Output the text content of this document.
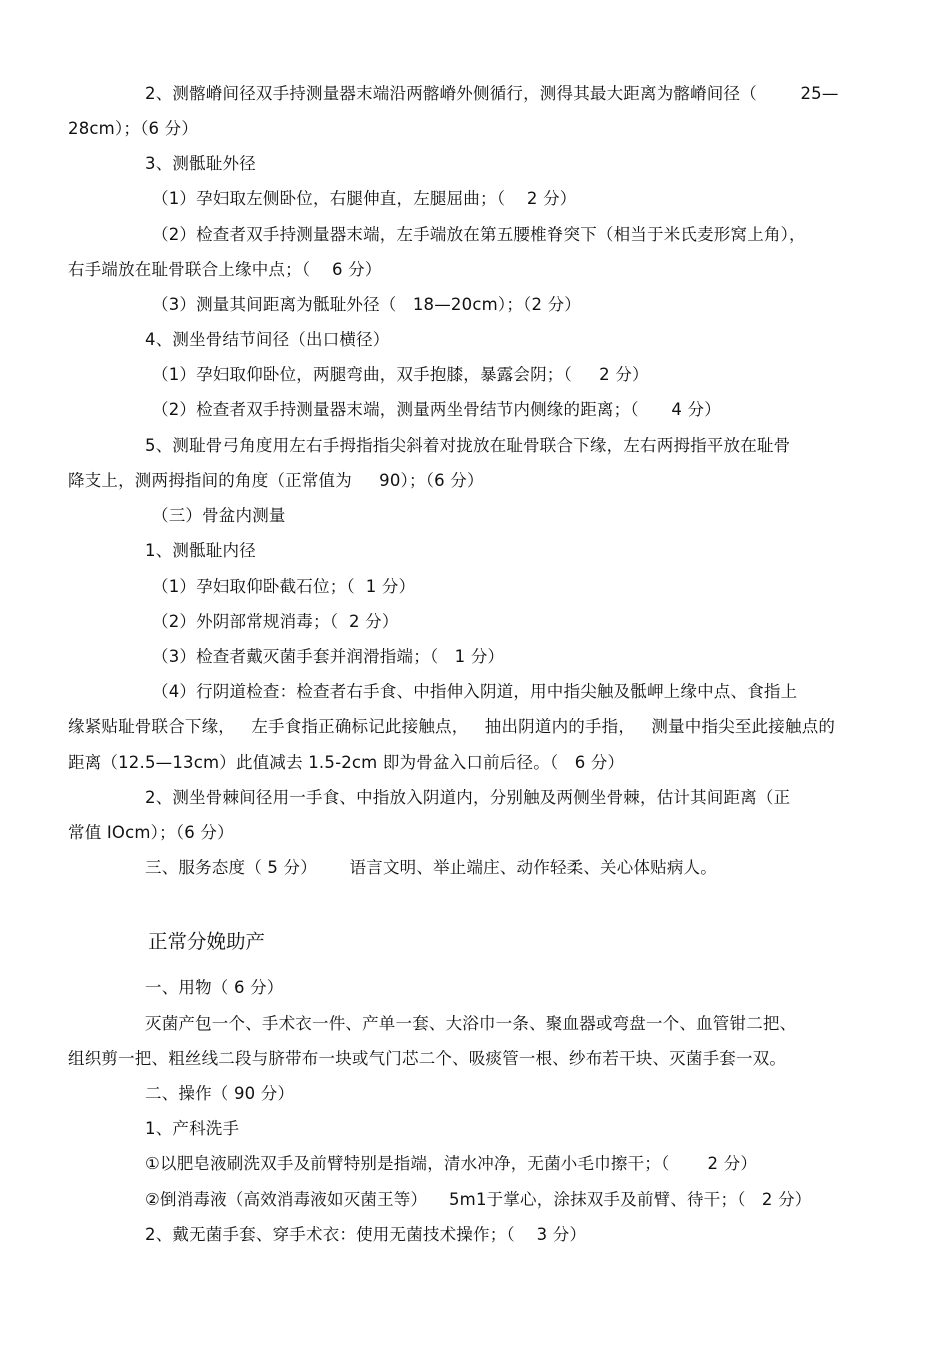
2、测髂嵴间径双手持测量器末端沿两髂嵴外侧循行，测得其最大距离为髂嵴间径（        25—
28cm）；（6 分）
3、测骶耻外径
（1）孕妇取左侧卧位，右腿伸直，左腿屈曲；（    2 分）
（2）检查者双手持测量器末端，左手端放在第五腰椎脊突下（相当于米氏麦形窝上角），
右手端放在耻骨联合上缘中点；（    6 分）
（3）测量其间距离为骶耻外径（   18—20cm）；（2 分）
4、测坐骨结节间径（出口横径）
（1）孕妇取仰卧位，两腿弯曲，双手抱膝，暴露会阴；（     2 分）
（2）检查者双手持测量器末端，测量两坐骨结节内侧缘的距离；（      4 分）
5、测耻骨弓角度用左右手拇指指尖斜着对拢放在耻骨联合下缘，左右两拇指平放在耻骨
降支上，测两拇指间的角度（正常值为     90）；（6 分）
（三）骨盆内测量
1、测骶耻内径
（1）孕妇取仰卧截石位；（  1 分）
（2）外阴部常规消毒；（  2 分）
（3）检查者戴灭菌手套并润滑指端；（   1 分）
（4）行阴道检查：检查者右手食、中指伸入阴道，用中指尖触及骶岬上缘中点、食指上
缘紧贴耻骨联合下缘，   左手食指正确标记此接触点，   抽出阴道内的手指，   测量中指尖至此接触点的
距离（12.5—13cm）此值减去 1.5-2cm 即为骨盆入口前后径。（   6 分）
2、测坐骨棘间径用一手食、中指放入阴道内，分别触及两侧坐骨棘，估计其间距离（正
常值 IOcm）；（6 分）
三、服务态度（ 5 分）      语言文明、举止端庄、动作轻柔、关心体贴病人。
正常分娩助产
一、用物（ 6 分）
灭菌产包一个、手术衣一件、产单一套、大浴巾一条、聚血器或弯盘一个、血管钳二把、
组织剪一把、粗丝线二段与脐带布一块或气门芯二个、吸痰管一根、纱布若干块、灭菌手套一双。
二、操作（ 90 分）
1、产科洗手
①以肥皂液刷洗双手及前臂特别是指端，清水冲净，无菌小毛巾擦干；（       2 分）
②倒消毒液（高效消毒液如灭菌王等）    5m1于掌心，涂抹双手及前臂、待干；（   2 分）
2、戴无菌手套、穿手术衣：使用无菌技术操作；（    3 分）
